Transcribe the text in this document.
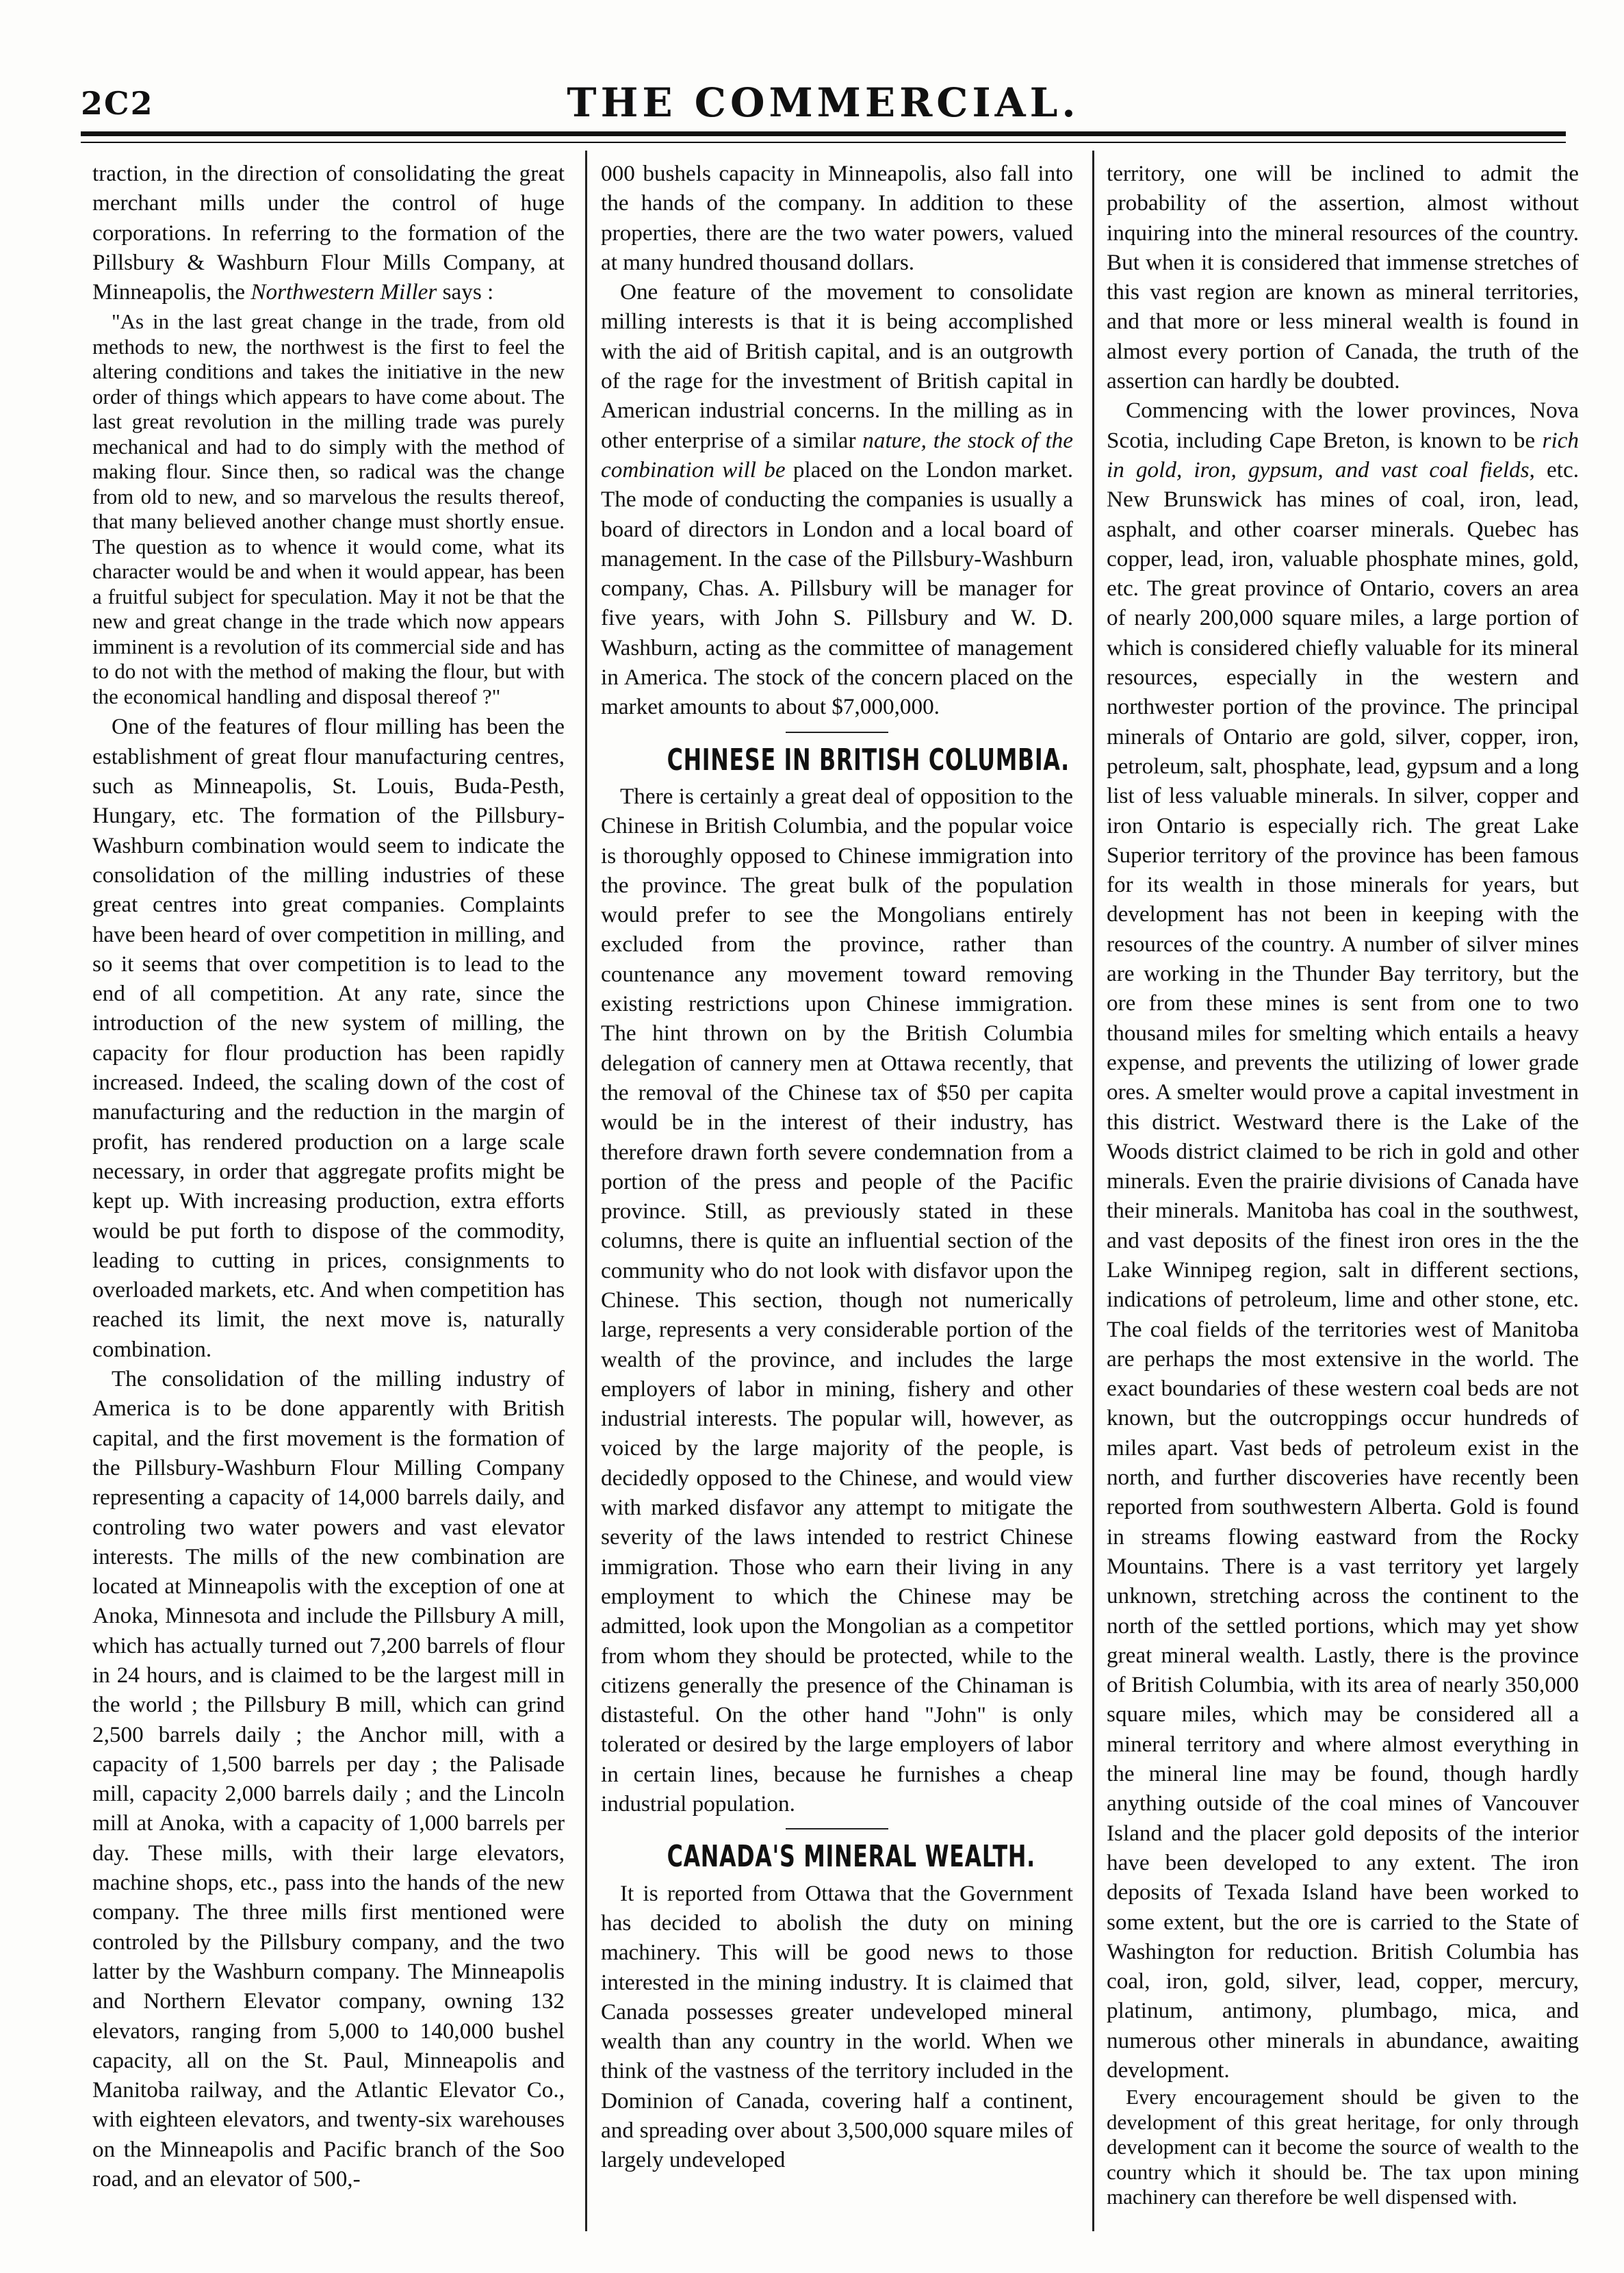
2C2	THE COMMERCIAL.

traction, in the direction of consolidating the great merchant mills under the control of huge corporations. In referring to the formation of the Pillsbury & Washburn Flour Mills Company, at Minneapolis, the Northwestern Miller says :

"As in the last great change in the trade, from old methods to new, the northwest is the first to feel the altering conditions and takes the initiative in the new order of things which appears to have come about. The last great revolution in the milling trade was purely mechanical and had to do simply with the method of making flour. Since then, so radical was the change from old to new, and so marvelous the results thereof, that many believed another change must shortly ensue. The question as to whence it would come, what its character would be and when it would appear, has been a fruitful subject for speculation. May it not be that the new and great change in the trade which now appears imminent is a revolution of its commercial side and has to do not with the method of making the flour, but with the economical handling and disposal thereof ?"

One of the features of flour milling has been the establishment of great flour manufacturing centres, such as Minneapolis, St. Louis, Buda-Pesth, Hungary, etc. The formation of the Pillsbury-Washburn combination would seem to indicate the consolidation of the milling industries of these great centres into great companies. Complaints have been heard of over competition in milling, and so it seems that over competition is to lead to the end of all competition. At any rate, since the introduction of the new system of milling, the capacity for flour production has been rapidly increased. Indeed, the scaling down of the cost of manufacturing and the reduction in the margin of profit, has rendered production on a large scale necessary, in order that aggregate profits might be kept up. With increasing production, extra efforts would be put forth to dispose of the commodity, leading to cutting in prices, consignments to overloaded markets, etc. And when competition has reached its limit, the next move is, naturally combination.

The consolidation of the milling industry of America is to be done apparently with British capital, and the first movement is the formation of the Pillsbury-Washburn Flour Milling Company representing a capacity of 14,000 barrels daily, and controling two water powers and vast elevator interests. The mills of the new combination are located at Minneapolis with the exception of one at Anoka, Minnesota and include the Pillsbury A mill, which has actually turned out 7,200 barrels of flour in 24 hours, and is claimed to be the largest mill in the world ; the Pillsbury B mill, which can grind 2,500 barrels daily ; the Anchor mill, with a capacity of 1,500 barrels per day ; the Palisade mill, capacity 2,000 barrels daily ; and the Lincoln mill at Anoka, with a capacity of 1,000 barrels per day. These mills, with their large elevators, machine shops, etc., pass into the hands of the new company. The three mills first mentioned were controled by the Pillsbury company, and the two latter by the Washburn company. The Minneapolis and Northern Elevator company, owning 132 elevators, ranging from 5,000 to 140,000 bushel capacity, all on the St. Paul, Minneapolis and Manitoba railway, and the Atlantic Elevator Co., with eighteen elevators, and twenty-six warehouses on the Minneapolis and Pacific branch of the Soo road, and an elevator of 500,-

000 bushels capacity in Minneapolis, also fall into the hands of the company. In addition to these properties, there are the two water powers, valued at many hundred thousand dollars.

One feature of the movement to consolidate milling interests is that it is being accomplished with the aid of British capital, and is an outgrowth of the rage for the investment of British capital in American industrial concerns. In the milling as in other enterprise of a similar nature, the stock of the combination will be placed on the London market. The mode of conducting the companies is usually a board of directors in London and a local board of management. In the case of the Pillsbury-Washburn company, Chas. A. Pillsbury will be manager for five years, with John S. Pillsbury and W. D. Washburn, acting as the committee of management in America. The stock of the concern placed on the market amounts to about $7,000,000.

CHINESE IN BRITISH COLUMBIA.

There is certainly a great deal of opposition to the Chinese in British Columbia, and the popular voice is thoroughly opposed to Chinese immigration into the province. The great bulk of the population would prefer to see the Mongolians entirely excluded from the province, rather than countenance any movement toward removing existing restrictions upon Chinese immigration. The hint thrown on by the British Columbia delegation of cannery men at Ottawa recently, that the removal of the Chinese tax of $50 per capita would be in the interest of their industry, has therefore drawn forth severe condemnation from a portion of the press and people of the Pacific province. Still, as previously stated in these columns, there is quite an influential section of the community who do not look with disfavor upon the Chinese. This section, though not numerically large, represents a very considerable portion of the wealth of the province, and includes the large employers of labor in mining, fishery and other industrial interests. The popular will, however, as voiced by the large majority of the people, is decidedly opposed to the Chinese, and would view with marked disfavor any attempt to mitigate the severity of the laws intended to restrict Chinese immigration. Those who earn their living in any employment to which the Chinese may be admitted, look upon the Mongolian as a competitor from whom they should be protected, while to the citizens generally the presence of the Chinaman is distasteful. On the other hand "John" is only tolerated or desired by the large employers of labor in certain lines, because he furnishes a cheap industrial population.

CANADA'S MINERAL WEALTH.

It is reported from Ottawa that the Government has decided to abolish the duty on mining machinery. This will be good news to those interested in the mining industry. It is claimed that Canada possesses greater undeveloped mineral wealth than any country in the world. When we think of the vastness of the territory included in the Dominion of Canada, covering half a continent, and spreading over about 3,500,000 square miles of largely undeveloped

territory, one will be inclined to admit the probability of the assertion, almost without inquiring into the mineral resources of the country. But when it is considered that immense stretches of this vast region are known as mineral territories, and that more or less mineral wealth is found in almost every portion of Canada, the truth of the assertion can hardly be doubted.

Commencing with the lower provinces, Nova Scotia, including Cape Breton, is known to be rich in gold, iron, gypsum, and vast coal fields, etc. New Brunswick has mines of coal, iron, lead, asphalt, and other coarser minerals. Quebec has copper, lead, iron, valuable phosphate mines, gold, etc. The great province of Ontario, covers an area of nearly 200,000 square miles, a large portion of which is considered chiefly valuable for its mineral resources, especially in the western and northwester portion of the province. The principal minerals of Ontario are gold, silver, copper, iron, petroleum, salt, phosphate, lead, gypsum and a long list of less valuable minerals. In silver, copper and iron Ontario is especially rich. The great Lake Superior territory of the province has been famous for its wealth in those minerals for years, but development has not been in keeping with the resources of the country. A number of silver mines are working in the Thunder Bay territory, but the ore from these mines is sent from one to two thousand miles for smelting which entails a heavy expense, and prevents the utilizing of lower grade ores. A smelter would prove a capital investment in this district. Westward there is the Lake of the Woods district claimed to be rich in gold and other minerals. Even the prairie divisions of Canada have their minerals. Manitoba has coal in the southwest, and vast deposits of the finest iron ores in the the Lake Winnipeg region, salt in different sections, indications of petroleum, lime and other stone, etc. The coal fields of the territories west of Manitoba are perhaps the most extensive in the world. The exact boundaries of these western coal beds are not known, but the outcroppings occur hundreds of miles apart. Vast beds of petroleum exist in the north, and further discoveries have recently been reported from southwestern Alberta. Gold is found in streams flowing eastward from the Rocky Mountains. There is a vast territory yet largely unknown, stretching across the continent to the north of the settled portions, which may yet show great mineral wealth. Lastly, there is the province of British Columbia, with its area of nearly 350,000 square miles, which may be considered all a mineral territory and where almost everything in the mineral line may be found, though hardly anything outside of the coal mines of Vancouver Island and the placer gold deposits of the interior have been developed to any extent. The iron deposits of Texada Island have been worked to some extent, but the ore is carried to the State of Washington for reduction. British Columbia has coal, iron, gold, silver, lead, copper, mercury, platinum, antimony, plumbago, mica, and numerous other minerals in abundance, awaiting development.

Every encouragement should be given to the development of this great heritage, for only through development can it become the source of wealth to the country which it should be. The tax upon mining machinery can therefore be well dispensed with.
